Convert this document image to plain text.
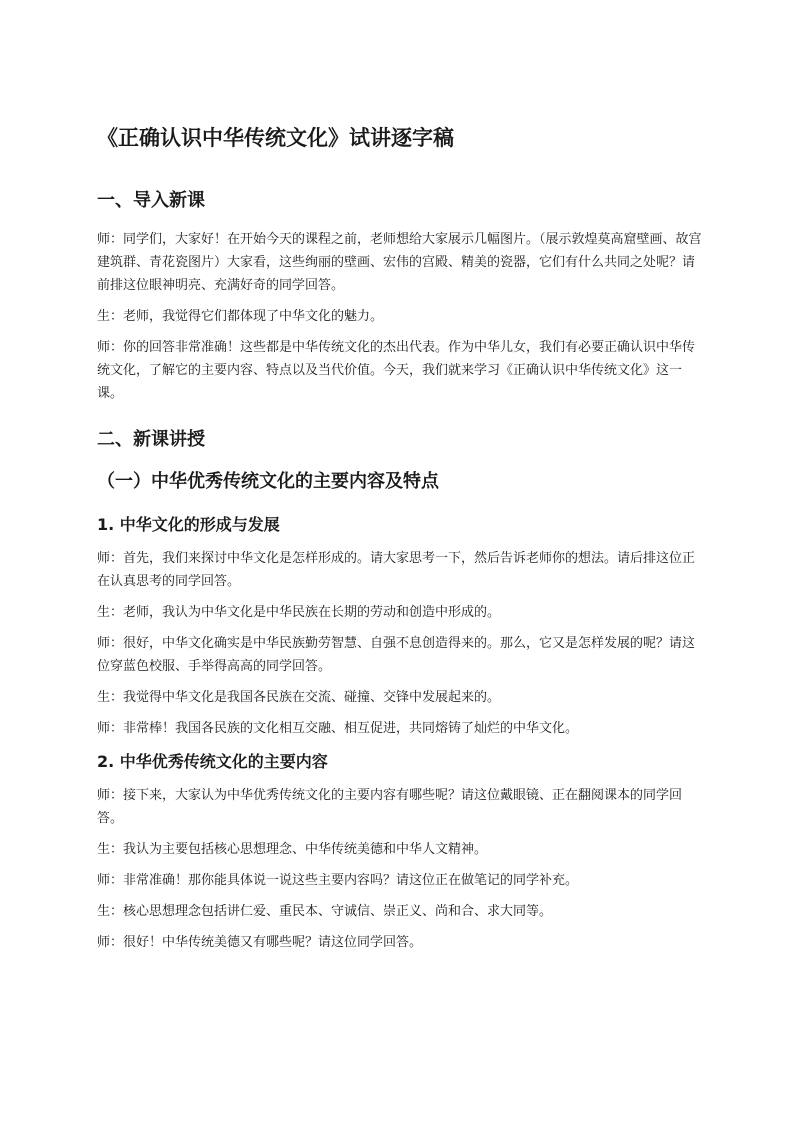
《正确认识中华传统文化》试讲逐字稿
一、导入新课

师：同学们，大家好！在开始今天的课程之前，老师想给大家展示几幅图片。（展示敦煌莫高窟壁画、故宫建筑群、青花瓷图片）大家看，这些绚丽的壁画、宏伟的宫殿、精美的瓷器，它们有什么共同之处呢？请前排这位眼神明亮、充满好奇的同学回答。

生：老师，我觉得它们都体现了中华文化的魅力。

师：你的回答非常准确！这些都是中华传统文化的杰出代表。作为中华儿女，我们有必要正确认识中华传统文化，了解它的主要内容、特点以及当代价值。今天，我们就来学习《正确认识中华传统文化》这一课。

二、新课讲授
（一）中华优秀传统文化的主要内容及特点
1. 中华文化的形成与发展

师：首先，我们来探讨中华文化是怎样形成的。请大家思考一下，然后告诉老师你的想法。请后排这位正在认真思考的同学回答。

生：老师，我认为中华文化是中华民族在长期的劳动和创造中形成的。

师：很好，中华文化确实是中华民族勤劳智慧、自强不息创造得来的。那么，它又是怎样发展的呢？请这位穿蓝色校服、手举得高高的同学回答。

生：我觉得中华文化是我国各民族在交流、碰撞、交锋中发展起来的。

师：非常棒！我国各民族的文化相互交融、相互促进，共同熔铸了灿烂的中华文化。

2. 中华优秀传统文化的主要内容

师：接下来，大家认为中华优秀传统文化的主要内容有哪些呢？请这位戴眼镜、正在翻阅课本的同学回答。

生：我认为主要包括核心思想理念、中华传统美德和中华人文精神。

师：非常准确！那你能具体说一说这些主要内容吗？请这位正在做笔记的同学补充。

生：核心思想理念包括讲仁爱、重民本、守诚信、崇正义、尚和合、求大同等。

师：很好！中华传统美德又有哪些呢？请这位同学回答。
